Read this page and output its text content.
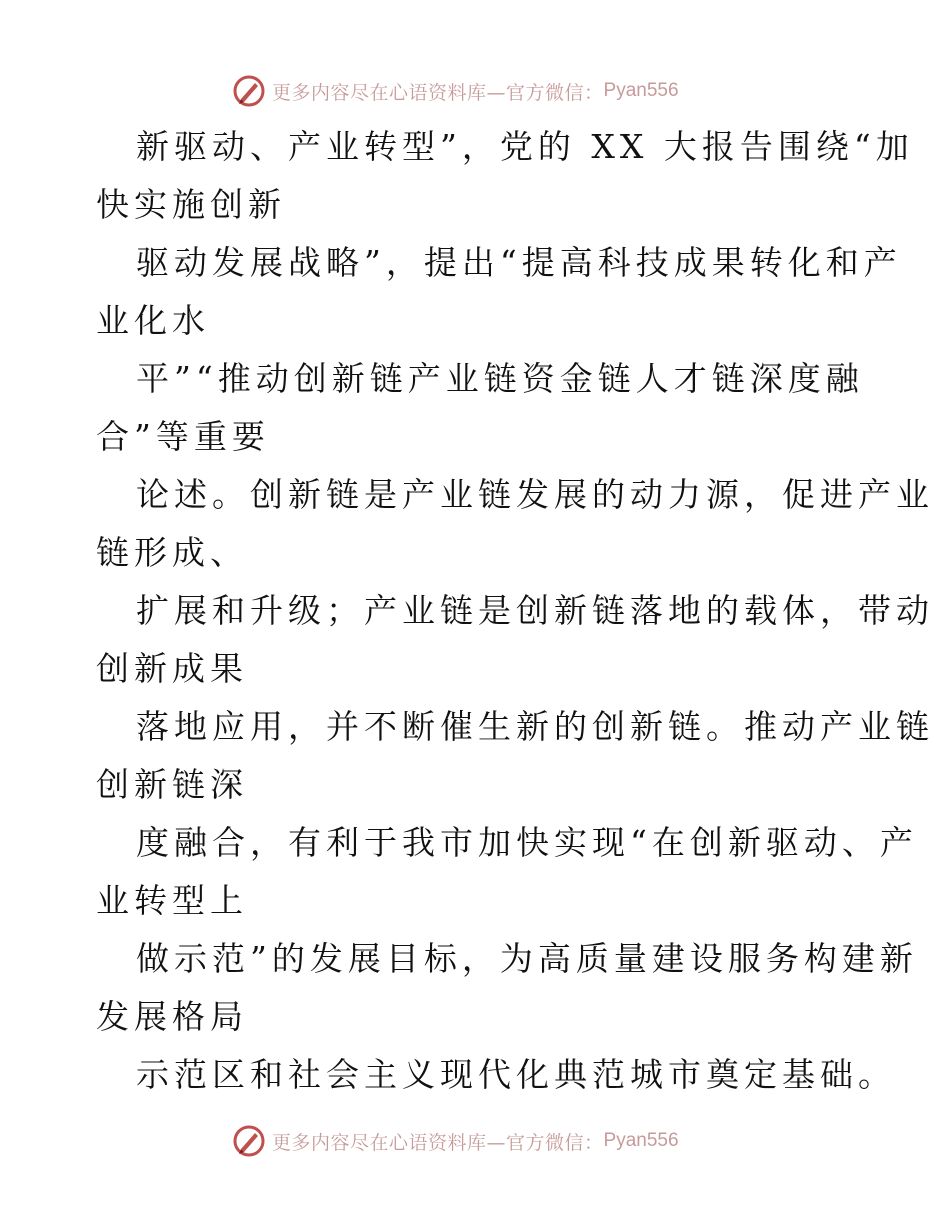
更多内容尽在心语资料库—官方微信： Pyan556
新驱动、产业转型”，党的 XX 大报告围绕“加
快实施创新
驱动发展战略”，提出“提高科技成果转化和产
业化水
平”“推动创新链产业链资金链人才链深度融
合”等重要
论述。创新链是产业链发展的动力源，促进产业
链形成、
扩展和升级；产业链是创新链落地的载体，带动
创新成果
落地应用，并不断催生新的创新链。推动产业链
创新链深
度融合，有利于我市加快实现“在创新驱动、产
业转型上
做示范”的发展目标，为高质量建设服务构建新
发展格局
示范区和社会主义现代化典范城市奠定基础。
更多内容尽在心语资料库—官方微信： Pyan556
